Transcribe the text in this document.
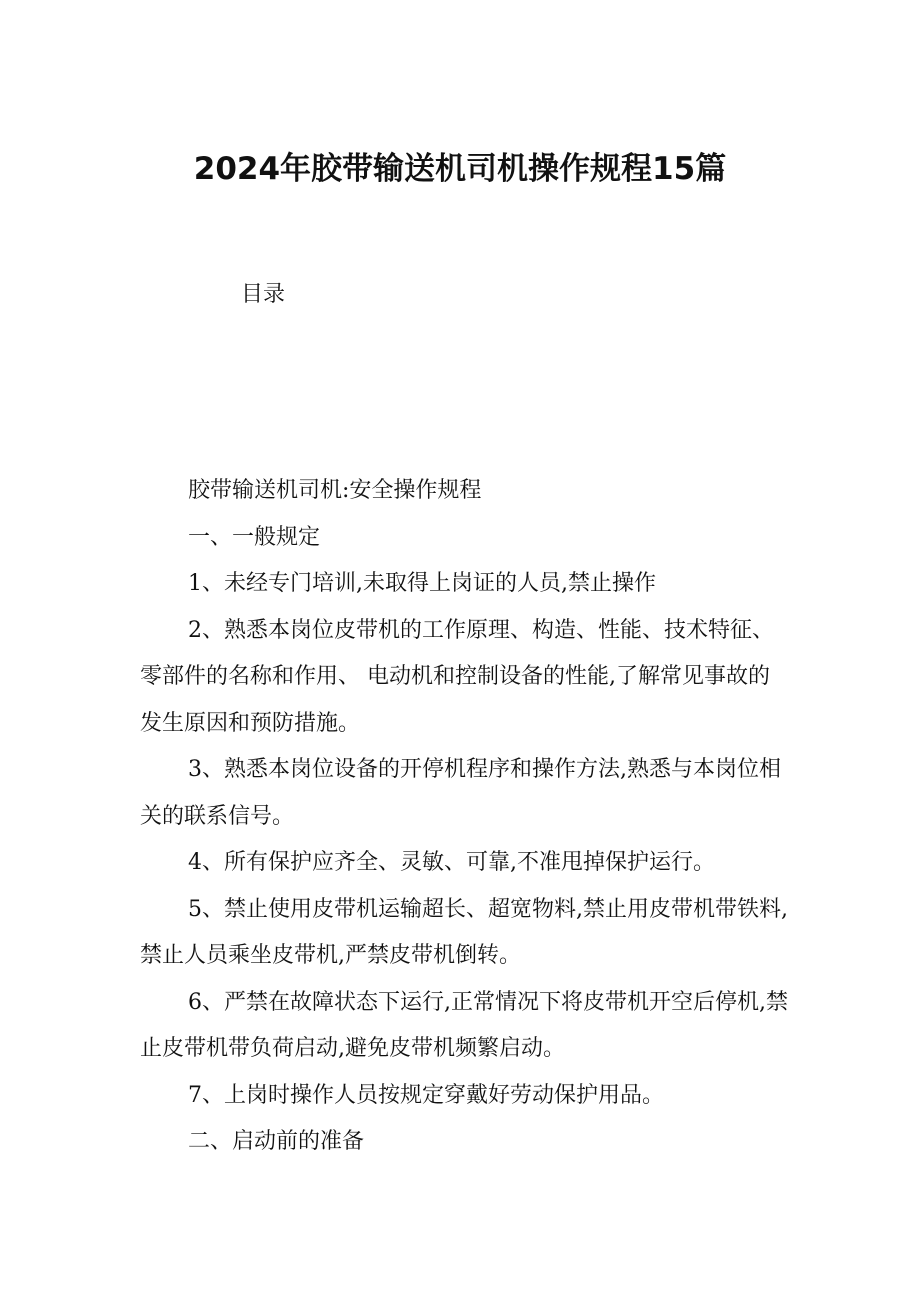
2024年胶带输送机司机操作规程15篇
目录

胶带输送机司机:安全操作规程

一、一般规定

1、未经专门培训,未取得上岗证的人员,禁止操作

2、熟悉本岗位皮带机的工作原理、构造、性能、技术特征、零部件的名称和作用、 电动机和控制设备的性能,了解常见事故的发生原因和预防措施。

3、熟悉本岗位设备的开停机程序和操作方法,熟悉与本岗位相关的联系信号。

4、所有保护应齐全、灵敏、可靠,不准甩掉保护运行。

5、禁止使用皮带机运输超长、超宽物料,禁止用皮带机带铁料,禁止人员乘坐皮带机,严禁皮带机倒转。

6、严禁在故障状态下运行,正常情况下将皮带机开空后停机,禁止皮带机带负荷启动,避免皮带机频繁启动。

7、上岗时操作人员按规定穿戴好劳动保护用品。

二、启动前的准备
